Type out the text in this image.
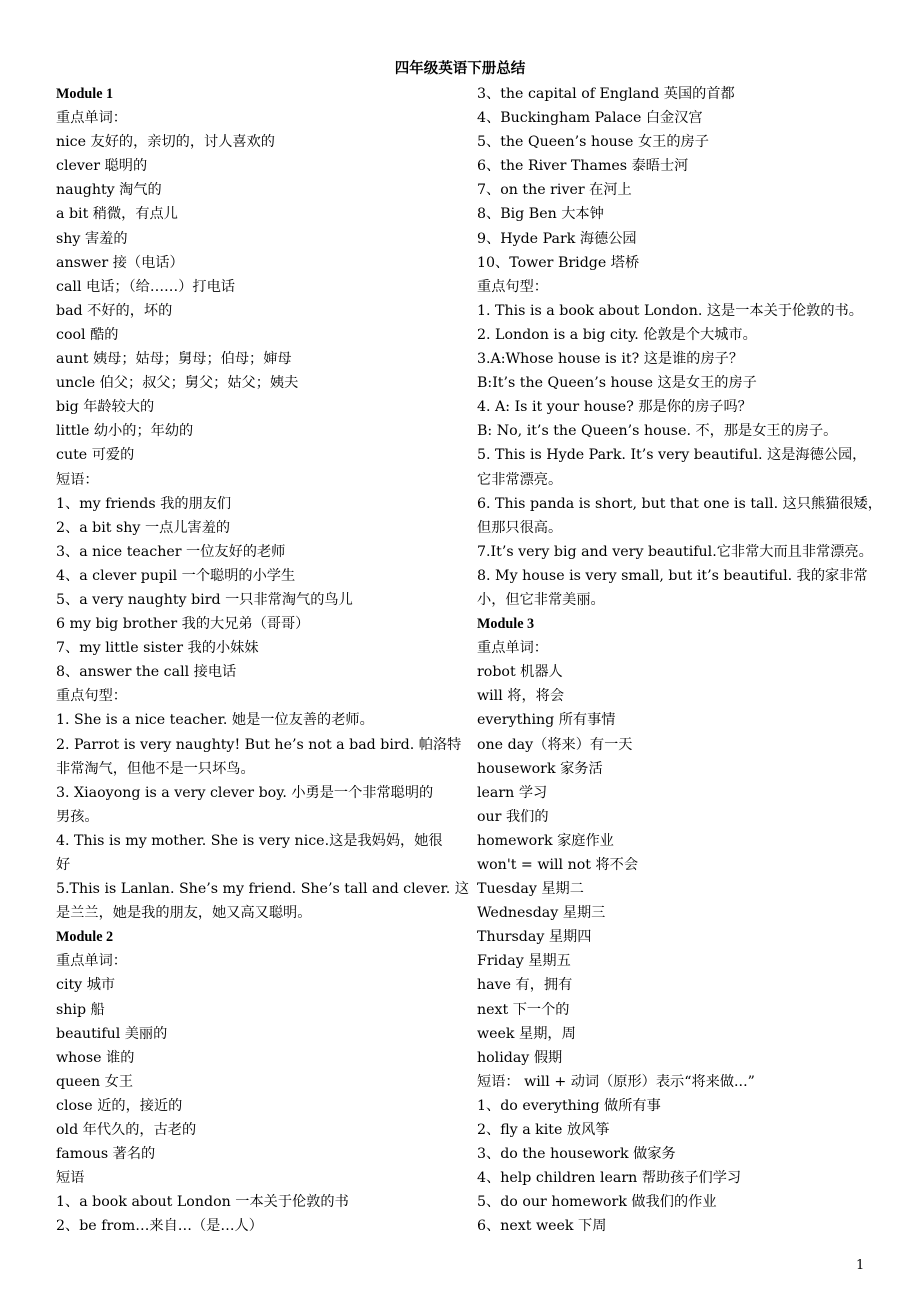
四年级英语下册总结
Module 1
重点单词：
nice 友好的，亲切的，讨人喜欢的
clever 聪明的
naughty 淘气的
a bit 稍微，有点儿
shy 害羞的
answer 接（电话）
call 电话；（给……）打电话
bad 不好的，坏的
cool 酷的
aunt 姨母；姑母；舅母；伯母；婶母
uncle 伯父；叔父；舅父；姑父；姨夫
big 年龄较大的
little 幼小的；年幼的
cute 可爱的
短语：
1、my friends 我的朋友们
2、a bit shy 一点儿害羞的
3、a nice teacher 一位友好的老师
4、a clever pupil 一个聪明的小学生
5、a very naughty bird 一只非常淘气的鸟儿
6 my big brother 我的大兄弟（哥哥）
7、my little sister 我的小妹妹
8、answer the call 接电话
重点句型：
1. She is a nice teacher. 她是一位友善的老师。
2. Parrot is very naughty! But he’s not a bad bird. 帕洛特
非常淘气，但他不是一只坏鸟。
3. Xiaoyong is a very clever boy. 小勇是一个非常聪明的
男孩。
4. This is my mother. She is very nice.这是我妈妈，她很
好
5.This is Lanlan. She’s my friend. She’s tall and clever. 这
是兰兰，她是我的朋友，她又高又聪明。
Module 2
重点单词：
city 城市
ship 船
beautiful 美丽的
whose 谁的
queen 女王
close 近的，接近的
old 年代久的，古老的
famous 著名的
短语
1、a book about London 一本关于伦敦的书
2、be from…来自…（是…人）
3、the capital of England 英国的首都
4、Buckingham Palace 白金汉宫
5、the Queen’s house 女王的房子
6、the River Thames 泰晤士河
7、on the river 在河上
8、Big Ben 大本钟
9、Hyde Park 海德公园
10、Tower Bridge 塔桥
重点句型：
1. This is a book about London. 这是一本关于伦敦的书。
2. London is a big city. 伦敦是个大城市。
3.A:Whose house is it? 这是谁的房子？
B:It’s the Queen’s house 这是女王的房子
4. A: Is it your house? 那是你的房子吗？
B: No, it’s the Queen’s house. 不，那是女王的房子。
5. This is Hyde Park. It’s very beautiful. 这是海德公园，
它非常漂亮。
6. This panda is short, but that one is tall. 这只熊猫很矮，
但那只很高。
7.It’s very big and very beautiful.它非常大而且非常漂亮。
8. My house is very small, but it’s beautiful. 我的家非常
小，但它非常美丽。
Module 3
重点单词：
robot 机器人
will 将，将会
everything 所有事情
one day（将来）有一天
housework 家务活
learn 学习
our 我们的
homework 家庭作业
won't = will not 将不会
Tuesday 星期二
Wednesday 星期三
Thursday 星期四
Friday 星期五
have 有，拥有
next 下一个的
week 星期，周
holiday 假期
短语： will + 动词（原形）表示“将来做...”
1、do everything 做所有事
2、fly a kite 放风筝
3、do the housework 做家务
4、help children learn 帮助孩子们学习
5、do our homework 做我们的作业
6、next week 下周
1
